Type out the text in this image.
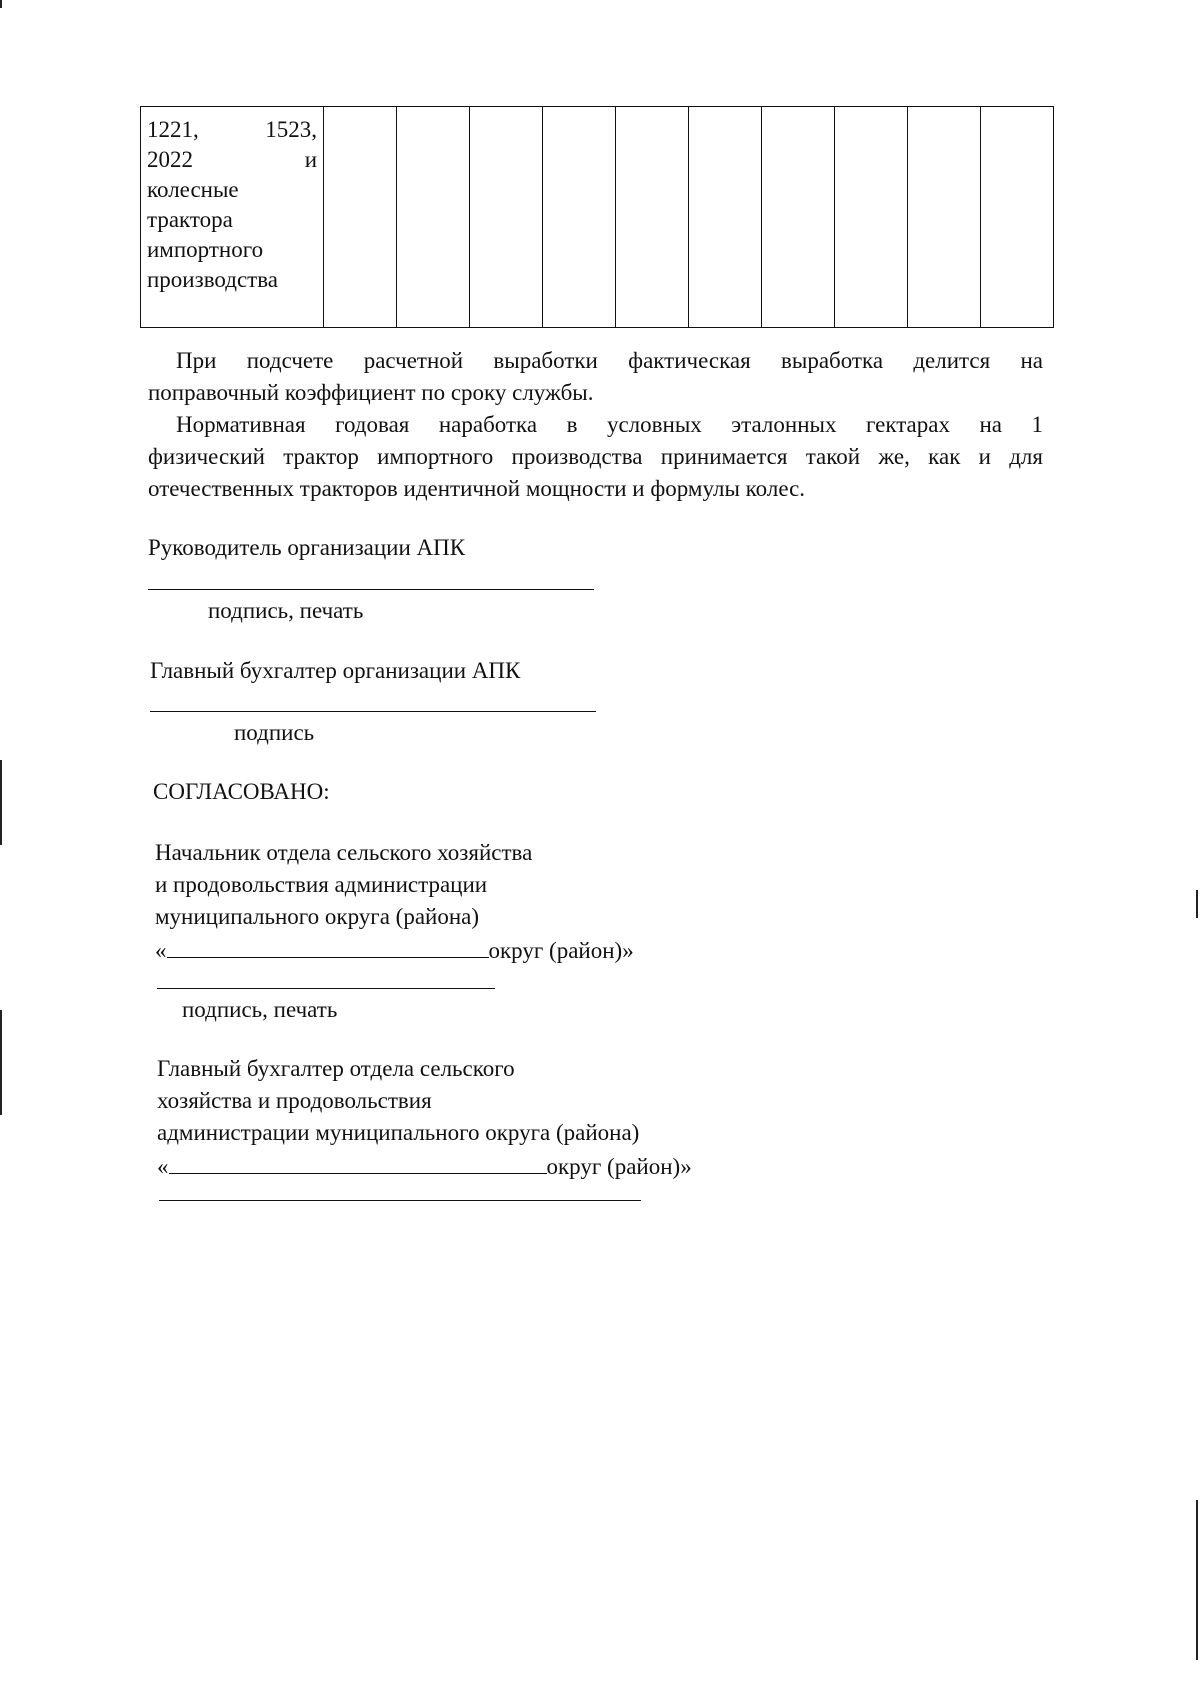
1221, 1523,
2022 и
колесные
трактора
импортного
производства

При подсчете расчетной выработки фактическая выработка делится на
поправочный коэффициент по сроку службы.
Нормативная годовая наработка в условных эталонных гектарах на 1
физический трактор импортного производства принимается такой же, как и для
отечественных тракторов идентичной мощности и формулы колес.
Руководитель организации АПК
подпись, печать
Главный бухгалтер организации АПК
подпись
СОГЛАСОВАНО:
Начальник отдела сельского хозяйства
и продовольствия администрации
муниципального округа (района)
«	округ (район)»
подпись, печать
Главный бухгалтер отдела сельского
хозяйства и продовольствия
администрации муниципального округа (района)
«	округ (район)»
